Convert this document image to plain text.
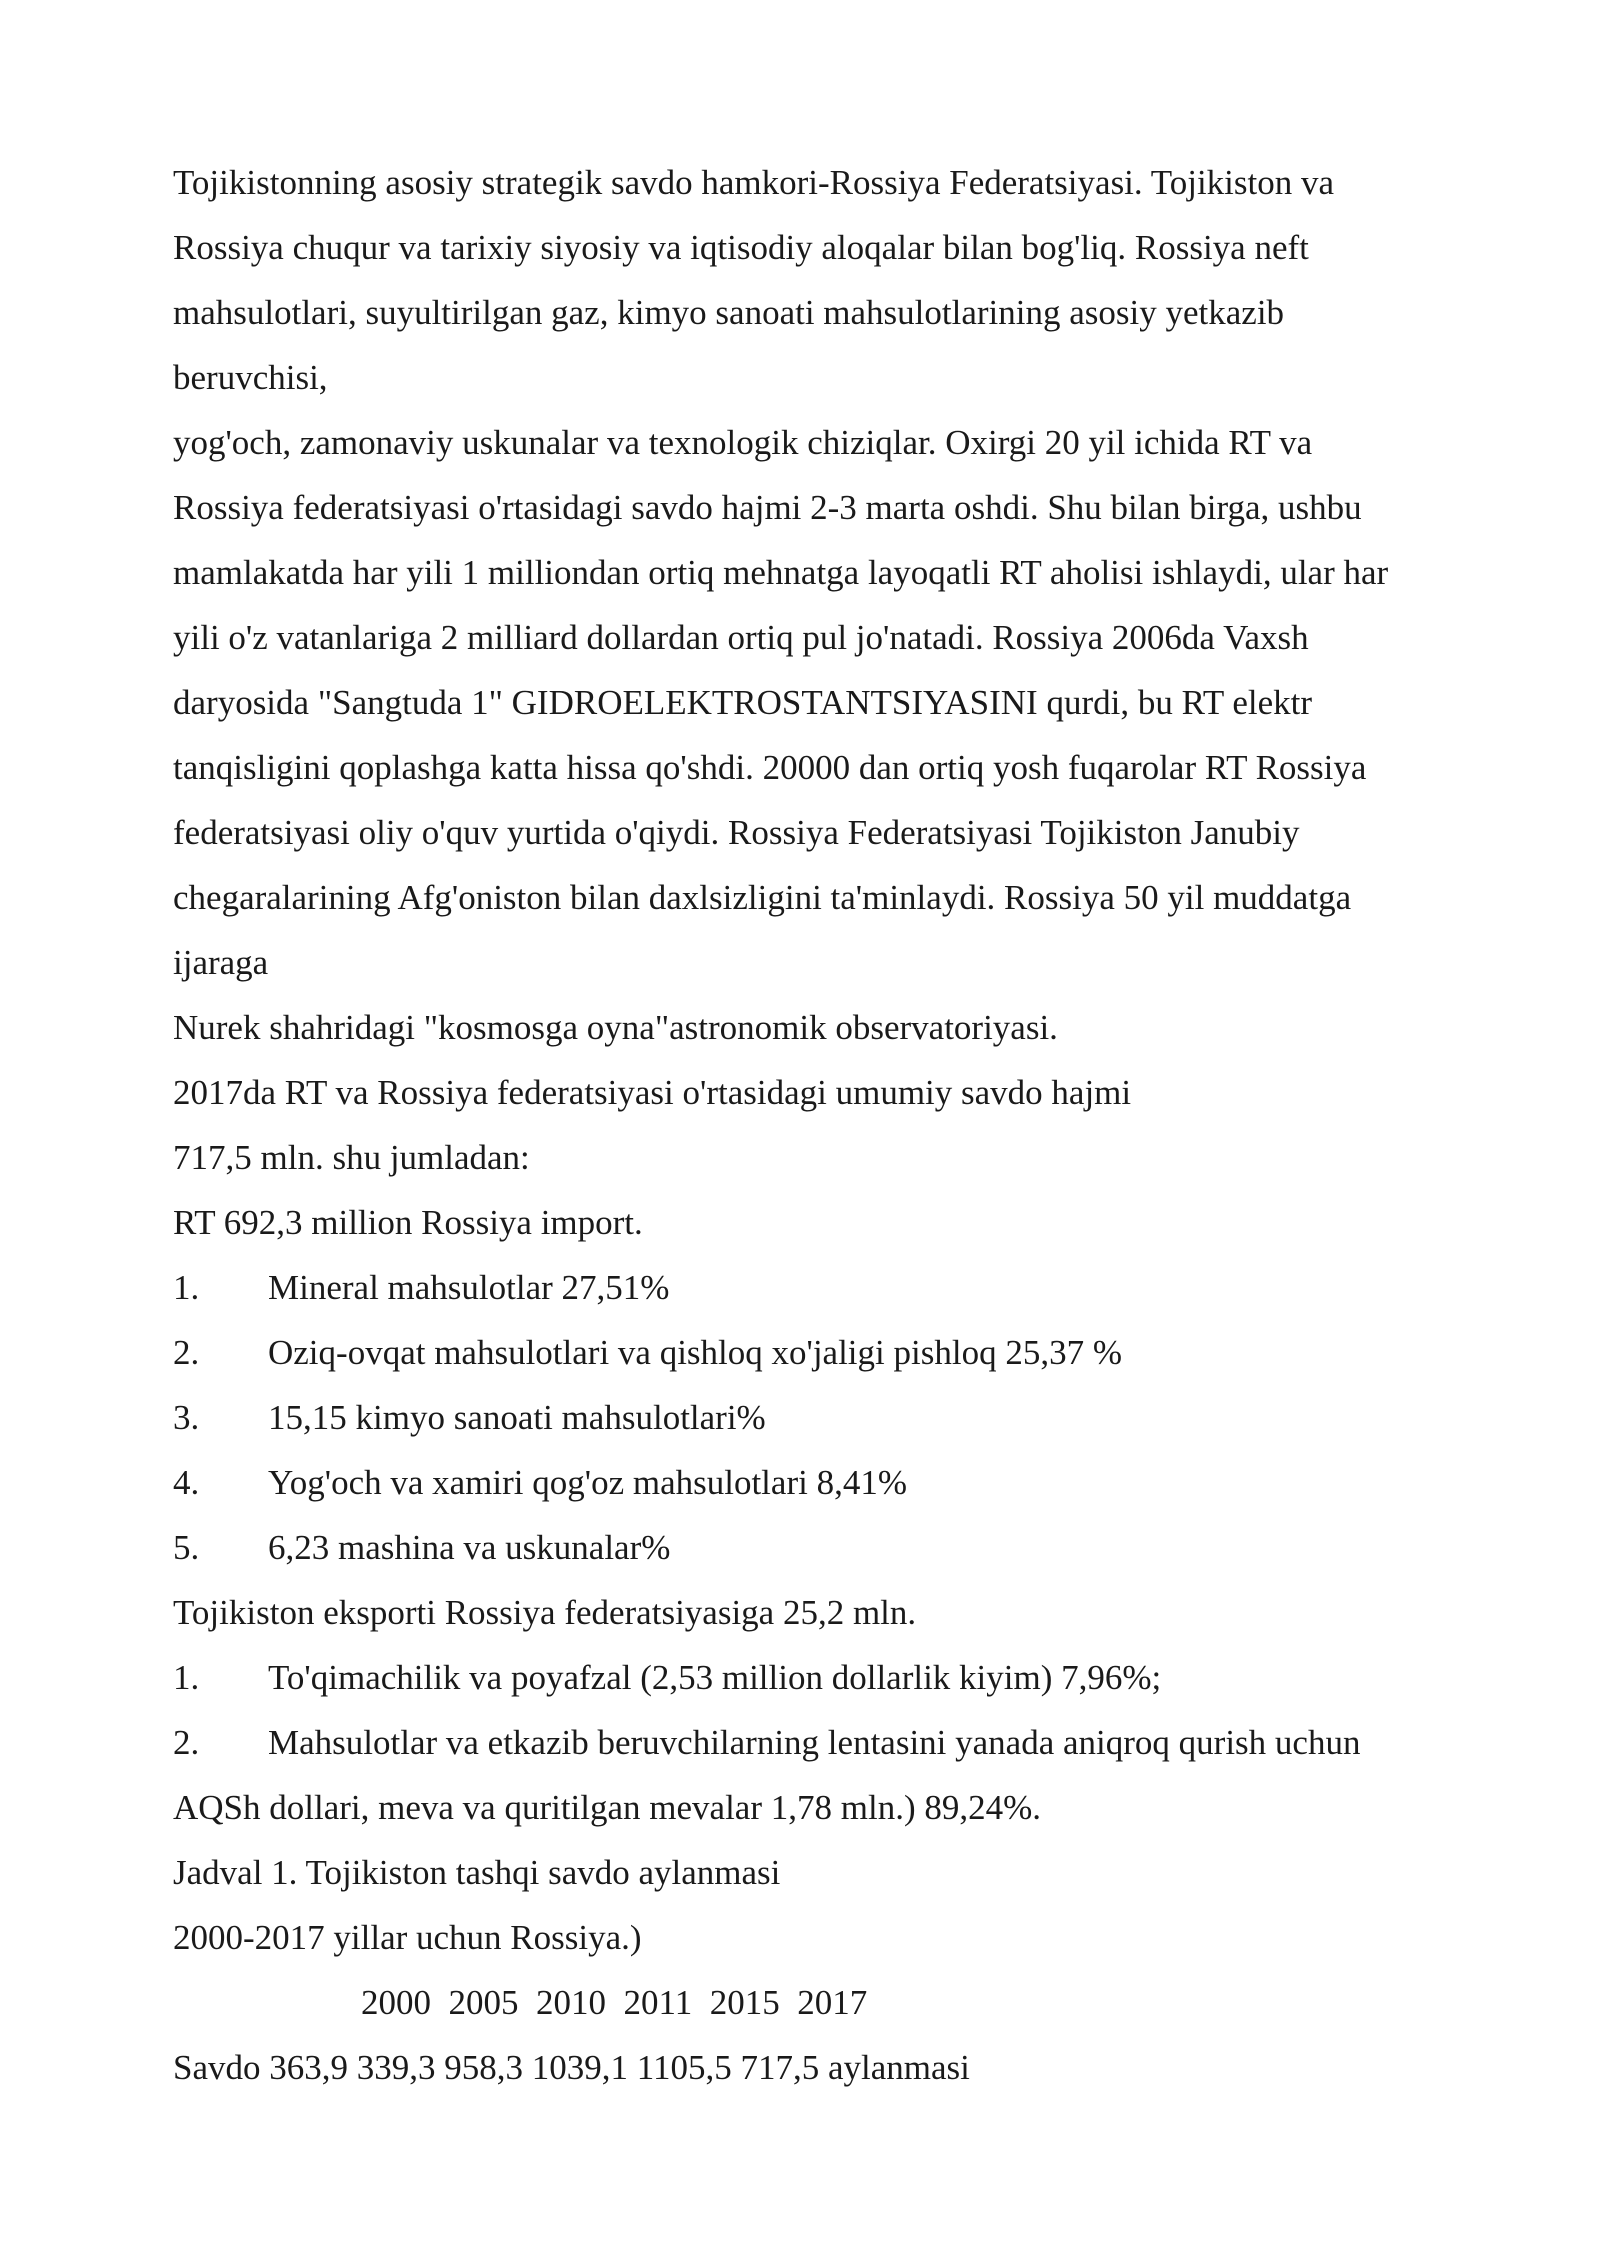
Tojikistonning asosiy strategik savdo hamkori-Rossiya Federatsiyasi. Tojikiston va
Rossiya chuqur va tarixiy siyosiy va iqtisodiy aloqalar bilan bog'liq. Rossiya neft
mahsulotlari, suyultirilgan gaz, kimyo sanoati mahsulotlarining asosiy yetkazib
beruvchisi,
yog'och, zamonaviy uskunalar va texnologik chiziqlar. Oxirgi 20 yil ichida RT va
Rossiya federatsiyasi o'rtasidagi savdo hajmi 2-3 marta oshdi. Shu bilan birga, ushbu
mamlakatda har yili 1 milliondan ortiq mehnatga layoqatli RT aholisi ishlaydi, ular har
yili o'z vatanlariga 2 milliard dollardan ortiq pul jo'natadi. Rossiya 2006da Vaxsh
daryosida "Sangtuda 1" GIDROELEKTROSTANTSIYASINI qurdi, bu RT elektr
tanqisligini qoplashga katta hissa qo'shdi. 20000 dan ortiq yosh fuqarolar RT Rossiya
federatsiyasi oliy o'quv yurtida o'qiydi. Rossiya Federatsiyasi Tojikiston Janubiy
chegaralarining Afg'oniston bilan daxlsizligini ta'minlaydi. Rossiya 50 yil muddatga
ijaraga
Nurek shahridagi "kosmosga oyna"astronomik observatoriyasi.
2017da RT va Rossiya federatsiyasi o'rtasidagi umumiy savdo hajmi
717,5 mln. shu jumladan:
RT 692,3 million Rossiya import.
1. Mineral mahsulotlar 27,51%
2. Oziq-ovqat mahsulotlari va qishloq xo'jaligi pishloq 25,37 %
3. 15,15 kimyo sanoati mahsulotlari%
4. Yog'och va xamiri qog'oz mahsulotlari 8,41%
5. 6,23 mashina va uskunalar%
Tojikiston eksporti Rossiya federatsiyasiga 25,2 mln.
1. To'qimachilik va poyafzal (2,53 million dollarlik kiyim) 7,96%;
2. Mahsulotlar va etkazib beruvchilarning lentasini yanada aniqroq qurish uchun
AQSh dollari, meva va quritilgan mevalar 1,78 mln.) 89,24%.
Jadval 1. Tojikiston tashqi savdo aylanmasi
2000-2017 yillar uchun Rossiya.)
2000  2005  2010  2011  2015  2017
Savdo 363,9 339,3 958,3 1039,1 1105,5 717,5 aylanmasi
